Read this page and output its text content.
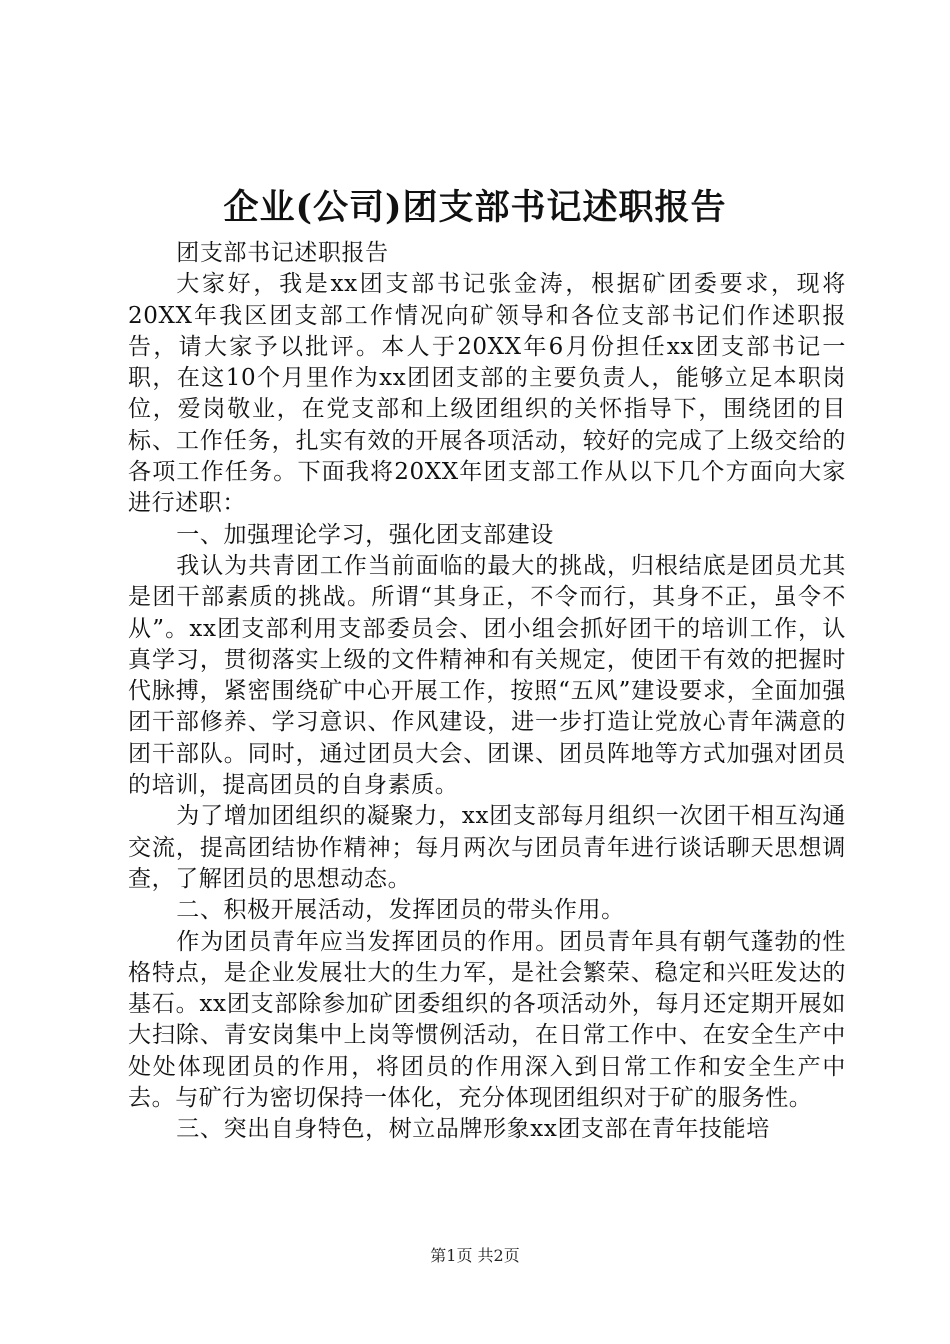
企业(公司)团支部书记述职报告

团支部书记述职报告

大家好，我是xx团支部书记张金涛，根据矿团委要求，现将20XX年我区团支部工作情况向矿领导和各位支部书记们作述职报告，请大家予以批评。本人于20XX年6月份担任xx团支部书记一职，在这10个月里作为xx团团支部的主要负责人，能够立足本职岗位，爱岗敬业，在党支部和上级团组织的关怀指导下，围绕团的目标、工作任务，扎实有效的开展各项活动，较好的完成了上级交给的各项工作任务。下面我将20XX年团支部工作从以下几个方面向大家进行述职：

一、加强理论学习，强化团支部建设

我认为共青团工作当前面临的最大的挑战，归根结底是团员尤其是团干部素质的挑战。所谓“其身正，不令而行，其身不正，虽令不从”。xx团支部利用支部委员会、团小组会抓好团干的培训工作，认真学习，贯彻落实上级的文件精神和有关规定，使团干有效的把握时代脉搏，紧密围绕矿中心开展工作，按照“五风”建设要求，全面加强团干部修养、学习意识、作风建设，进一步打造让党放心青年满意的团干部队。同时，通过团员大会、团课、团员阵地等方式加强对团员的培训，提高团员的自身素质。

为了增加团组织的凝聚力，xx团支部每月组织一次团干相互沟通交流，提高团结协作精神；每月两次与团员青年进行谈话聊天思想调查，了解团员的思想动态。

二、积极开展活动，发挥团员的带头作用。

作为团员青年应当发挥团员的作用。团员青年具有朝气蓬勃的性格特点，是企业发展壮大的生力军，是社会繁荣、稳定和兴旺发达的基石。xx团支部除参加矿团委组织的各项活动外，每月还定期开展如大扫除、青安岗集中上岗等惯例活动，在日常工作中、在安全生产中处处体现团员的作用，将团员的作用深入到日常工作和安全生产中去。与矿行为密切保持一体化，充分体现团组织对于矿的服务性。

三、突出自身特色，树立品牌形象xx团支部在青年技能培

第1页 共2页
